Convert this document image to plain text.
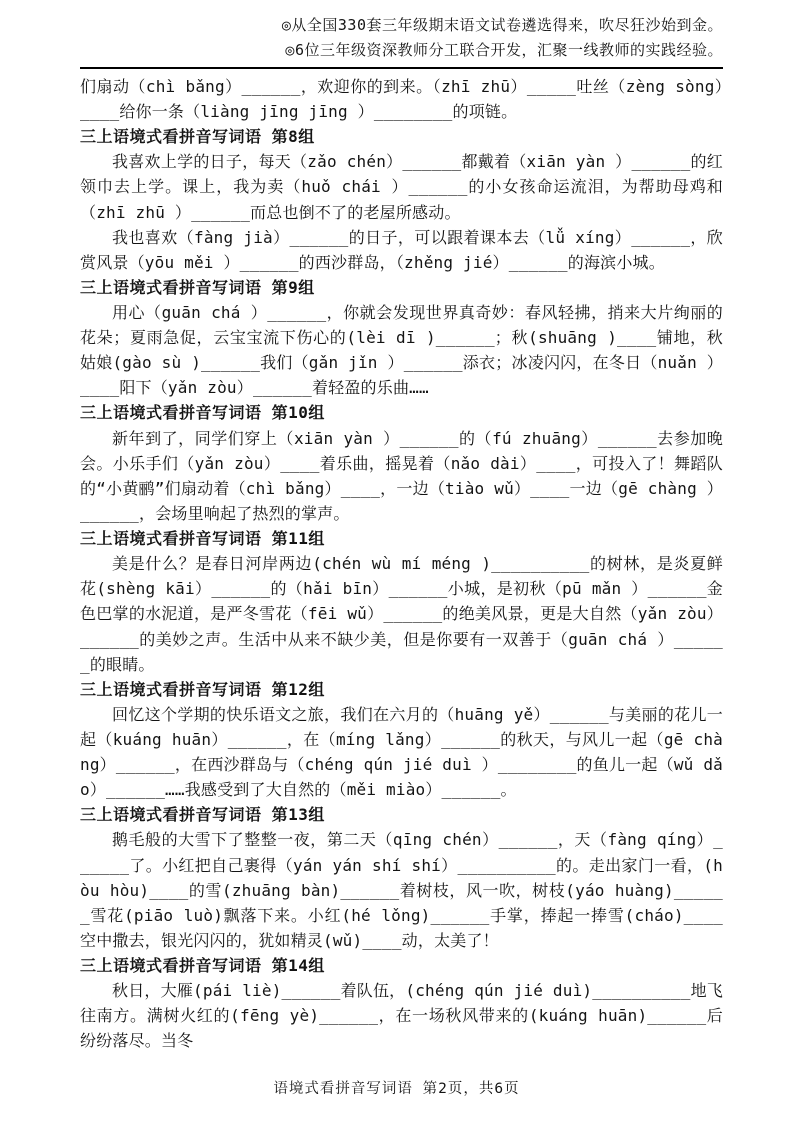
◎从全国330套三年级期末语文试卷遴选得来，吹尽狂沙始到金。
◎6位三年级资深教师分工联合开发，汇聚一线教师的实践经验。

们扇动（chì bǎng）______，欢迎你的到来。（zhī zhū）_____吐丝（zèng sòng）____给你一条（liàng jīng jīng ）________的项链。

三上语境式看拼音写词语 第8组

我喜欢上学的日子，每天（zǎo chén）______都戴着（xiān yàn ）______的红领巾去上学。课上，我为卖（huǒ chái ）______的小女孩命运流泪，为帮助母鸡和（zhī zhū ）______而总也倒不了的老屋所感动。

我也喜欢（fàng jià）______的日子，可以跟着课本去（lǚ xíng）______，欣赏风景（yōu měi ）______的西沙群岛，（zhěng jié）______的海滨小城。

三上语境式看拼音写词语 第9组

用心（guān chá ）______，你就会发现世界真奇妙：春风轻拂，捎来大片绚丽的花朵；夏雨急促，云宝宝流下伤心的(lèi dī )______；秋(shuāng )____铺地，秋姑娘(gào sù )______我们（gǎn jǐn ）______添衣；冰凌闪闪，在冬日（nuǎn ）____阳下（yǎn zòu）______着轻盈的乐曲……

三上语境式看拼音写词语 第10组

新年到了，同学们穿上（xiān yàn ）______的（fú zhuāng）______去参加晚会。小乐手们（yǎn zòu）____着乐曲，摇晃着（nǎo dài）____，可投入了！舞蹈队的“小黄鹂”们扇动着（chì bǎng）____，一边（tiào wǔ）____一边（gē chàng ）______，会场里响起了热烈的掌声。

三上语境式看拼音写词语 第11组

美是什么？是春日河岸两边(chén wù mí méng )__________的树林，是炎夏鲜花(shèng kāi）______的（hǎi bīn）______小城，是初秋（pū mǎn ）______金色巴掌的水泥道，是严冬雪花（fēi wǔ）______的绝美风景，更是大自然（yǎn zòu）______的美妙之声。生活中从来不缺少美，但是你要有一双善于（guān chá ）______的眼睛。

三上语境式看拼音写词语 第12组

回忆这个学期的快乐语文之旅，我们在六月的（huāng yě）______与美丽的花儿一起（kuáng huān）______，在（míng lǎng）______的秋天，与风儿一起（gē chàng）______，在西沙群岛与（chéng qún jié duì ）________的鱼儿一起（wǔ dǎo）______……我感受到了大自然的（měi miào）______。

三上语境式看拼音写词语 第13组

鹅毛般的大雪下了整整一夜，第二天（qīng chén）______，天（fàng qíng）______了。小红把自己裹得（yán yán shí shí）__________的。走出家门一看，(hòu hòu)____的雪(zhuāng bàn)______着树枝，风一吹，树枝(yáo huàng)______雪花(piāo luò)飘落下来。小红(hé lǒng)______手掌，捧起一捧雪(cháo)____空中撒去，银光闪闪的，犹如精灵(wǔ)____动，太美了！

三上语境式看拼音写词语 第14组

秋日，大雁(pái liè)______着队伍，(chéng qún jié duì)__________地飞往南方。满树火红的(fēng yè)______，在一场秋风带来的(kuáng huān)______后纷纷落尽。当冬

语境式看拼音写词语 第2页，共6页
